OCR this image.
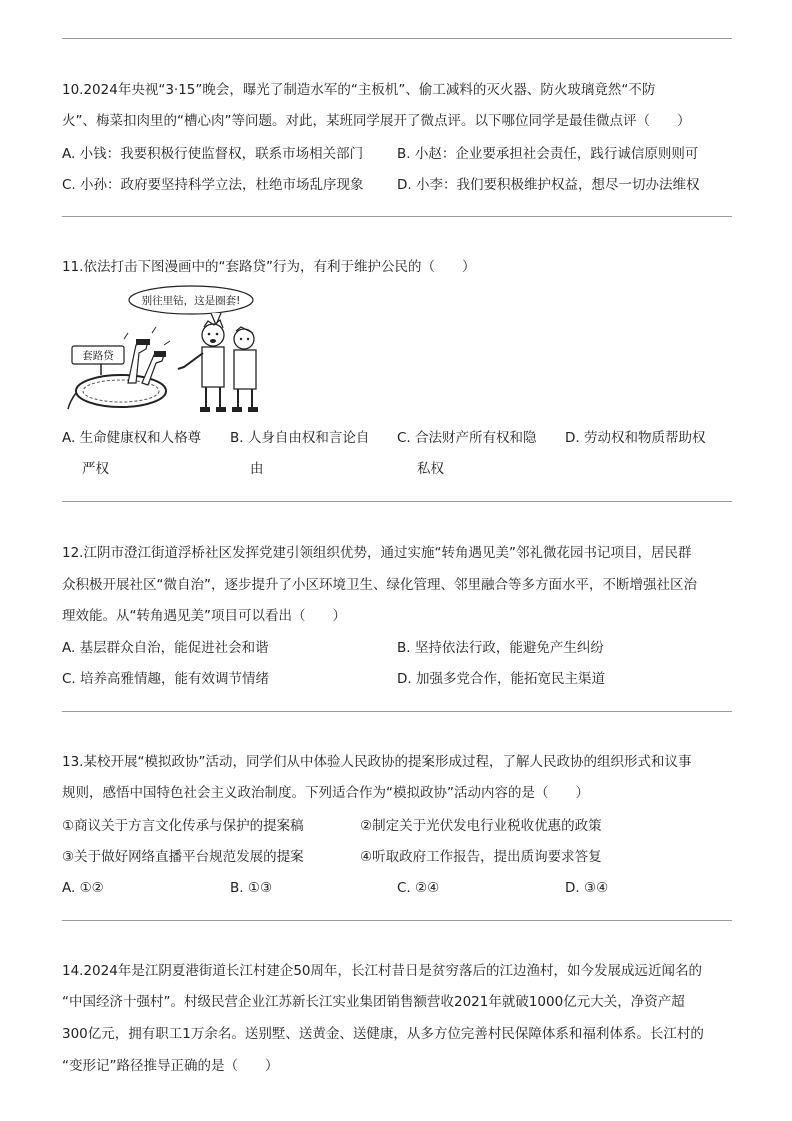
10.2024年央视“3·15”晚会，曝光了制造水军的“主板机”、偷工减料的灭火器、防火玻璃竟然“不防
火”、梅菜扣肉里的“槽心肉”等问题。对此，某班同学展开了微点评。以下哪位同学是最佳微点评（　　）
A. 小钱：我要积极行使监督权，联系市场相关部门	B. 小赵：企业要承担社会责任，践行诚信原则则可
C. 小孙：政府要坚持科学立法，杜绝市场乱序现象 D. 小李：我们要积极维护权益，想尽一切办法维权
11.依法打击下图漫画中的“套路贷”行为，有利于维护公民的（　　）
别往里钻，这是圈套!
套路贷
A. 生命健康权和人格尊
严权
B. 人身自由权和言论自
由
C. 合法财产所有权和隐
私权
D. 劳动权和物质帮助权
12.江阴市澄江街道浮桥社区发挥党建引领组织优势，通过实施“转角遇见美”邻礼微花园书记项目，居民群
众积极开展社区“微自治”，逐步提升了小区环境卫生、绿化管理、邻里融合等多方面水平，不断增强社区治
理效能。从“转角遇见美”项目可以看出（　　）
A. 基层群众自治，能促进社会和谐	B. 坚持依法行政，能避免产生纠纷
C. 培养高雅情趣，能有效调节情绪	D. 加强多党合作，能拓宽民主渠道
13.某校开展“模拟政协”活动，同学们从中体验人民政协的提案形成过程，了解人民政协的组织形式和议事
规则，感悟中国特色社会主义政治制度。下列适合作为“模拟政协”活动内容的是（　　）
①商议关于方言文化传承与保护的提案稿	②制定关于光伏发电行业税收优惠的政策
③关于做好网络直播平台规范发展的提案	④听取政府工作报告，提出质询要求答复
A. ①②	B. ①③	C. ②④	D. ③④
14.2024年是江阴夏港街道长江村建企50周年，长江村昔日是贫穷落后的江边渔村，如今发展成远近闻名的
“中国经济十强村”。村级民营企业江苏新长江实业集团销售额营收2021年就破1000亿元大关，净资产超
300亿元，拥有职工1万余名。送别墅、送黄金、送健康，从多方位完善村民保障体系和福利体系。长江村的
“变形记”路径推导正确的是（　　）
